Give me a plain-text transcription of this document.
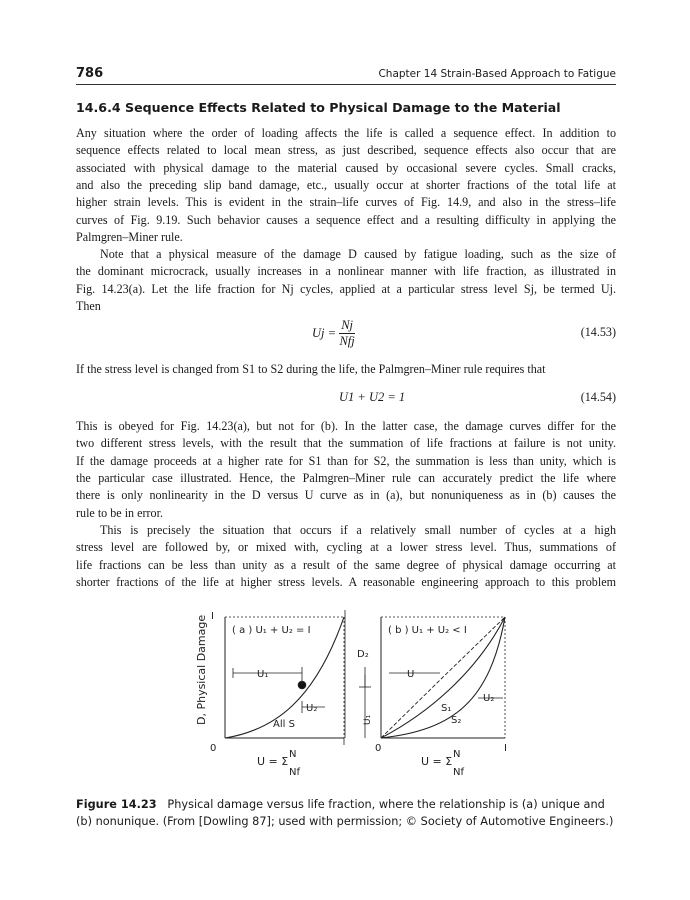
786	Chapter 14 Strain-Based Approach to Fatigue
14.6.4 Sequence Effects Related to Physical Damage to the Material
Any situation where the order of loading affects the life is called a sequence effect. In addition to
sequence effects related to local mean stress, as just described, sequence effects also occur that are
associated with physical damage to the material caused by occasional severe cycles. Small cracks,
and also the preceding slip band damage, etc., usually occur at shorter fractions of the total life at
higher strain levels. This is evident in the strain–life curves of Fig. 14.9, and also in the stress–life
curves of Fig. 9.19. Such behavior causes a sequence effect and a resulting difficulty in applying the
Palmgren–Miner rule.
Note that a physical measure of the damage D caused by fatigue loading, such as the size of
the dominant microcrack, usually increases in a nonlinear manner with life fraction, as illustrated in
Fig. 14.23(a). Let the life fraction for Nj cycles, applied at a particular stress level Sj, be termed Uj.
Then
$Uj = \frac{Nj}{\text{Nfj}}$	(14.53)
If the stress level is changed from S1 to S2 during the life, the Palmgren–Miner rule requires that
U1 + U2 = 1	(14.54)
This is obeyed for Fig. 14.23(a), but not for (b). In the latter case, the damage curves differ for the
two different stress levels, with the result that the summation of life fractions at failure is not unity.
If the damage proceeds at a higher rate for S1 than for S2, the summation is less than unity, which is
the particular case illustrated. Hence, the Palmgren–Miner rule can accurately predict the life where
there is only nonlinearity in the D versus U curve as in (a), but nonuniqueness as in (b) causes the
rule to be in error.
This is precisely the situation that occurs if a relatively small number of cycles at a high
stress level are followed by, or mixed with, cycling at a lower stress level. Thus, summations of
life fractions can be less than unity as a result of the same degree of physical damage occurring at
shorter fractions of the life at higher stress levels. A reasonable engineering approach to this problem
D, Physical Damage ( a ) U₁ + U₂ = I
U₁
U₂
All S
I
0
U = Σ
N
Nf
( b ) U₁ + U₂ < I
D₂
U
U₁
S₁
S₂
U₂
0	I
U = Σ
N
Nf
Figure 14.23 Physical damage versus life fraction, where the relationship is (a) unique and (b) nonunique. (From [Dowling 87]; used with permission; © Society of Automotive Engineers.)
